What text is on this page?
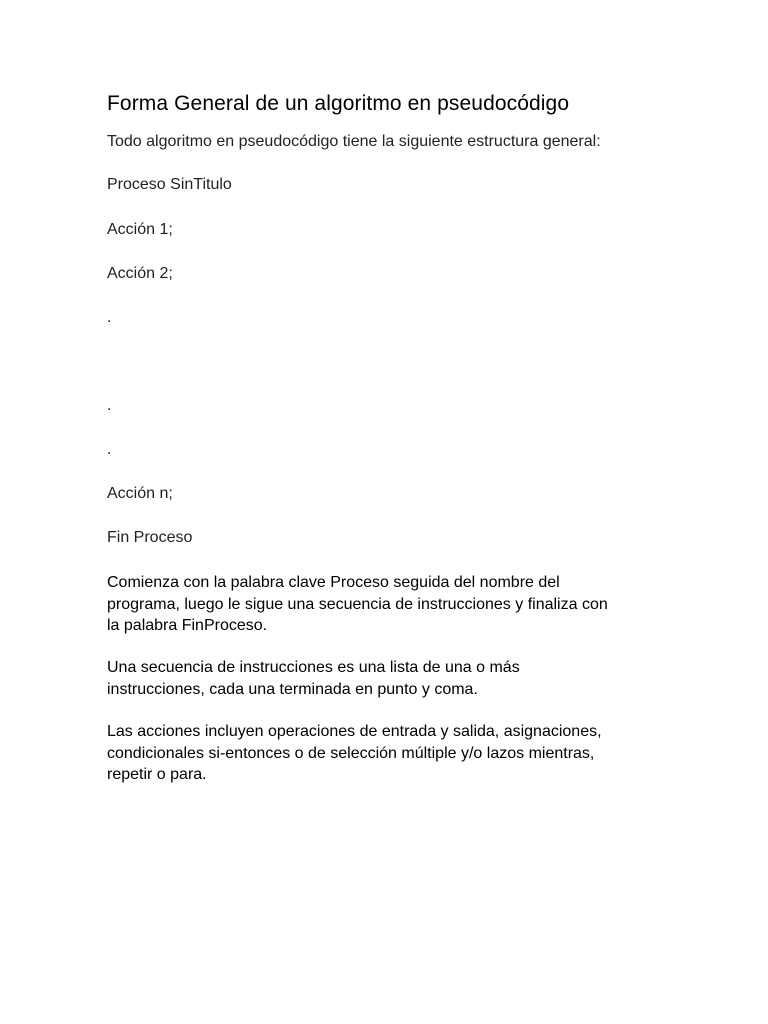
Forma General de un algoritmo en pseudocódigo

Todo algoritmo en pseudocódigo tiene la siguiente estructura general:

Proceso SinTitulo

Acción 1;

Acción 2;

.

.

.

Acción n;

Fin Proceso

Comienza con la palabra clave Proceso seguida del nombre del
programa, luego le sigue una secuencia de instrucciones y finaliza con
la palabra FinProceso.
Una secuencia de instrucciones es una lista de una o más
instrucciones, cada una terminada en punto y coma.
Las acciones incluyen operaciones de entrada y salida, asignaciones,
condicionales si-entonces o de selección múltiple y/o lazos mientras,
repetir o para.
